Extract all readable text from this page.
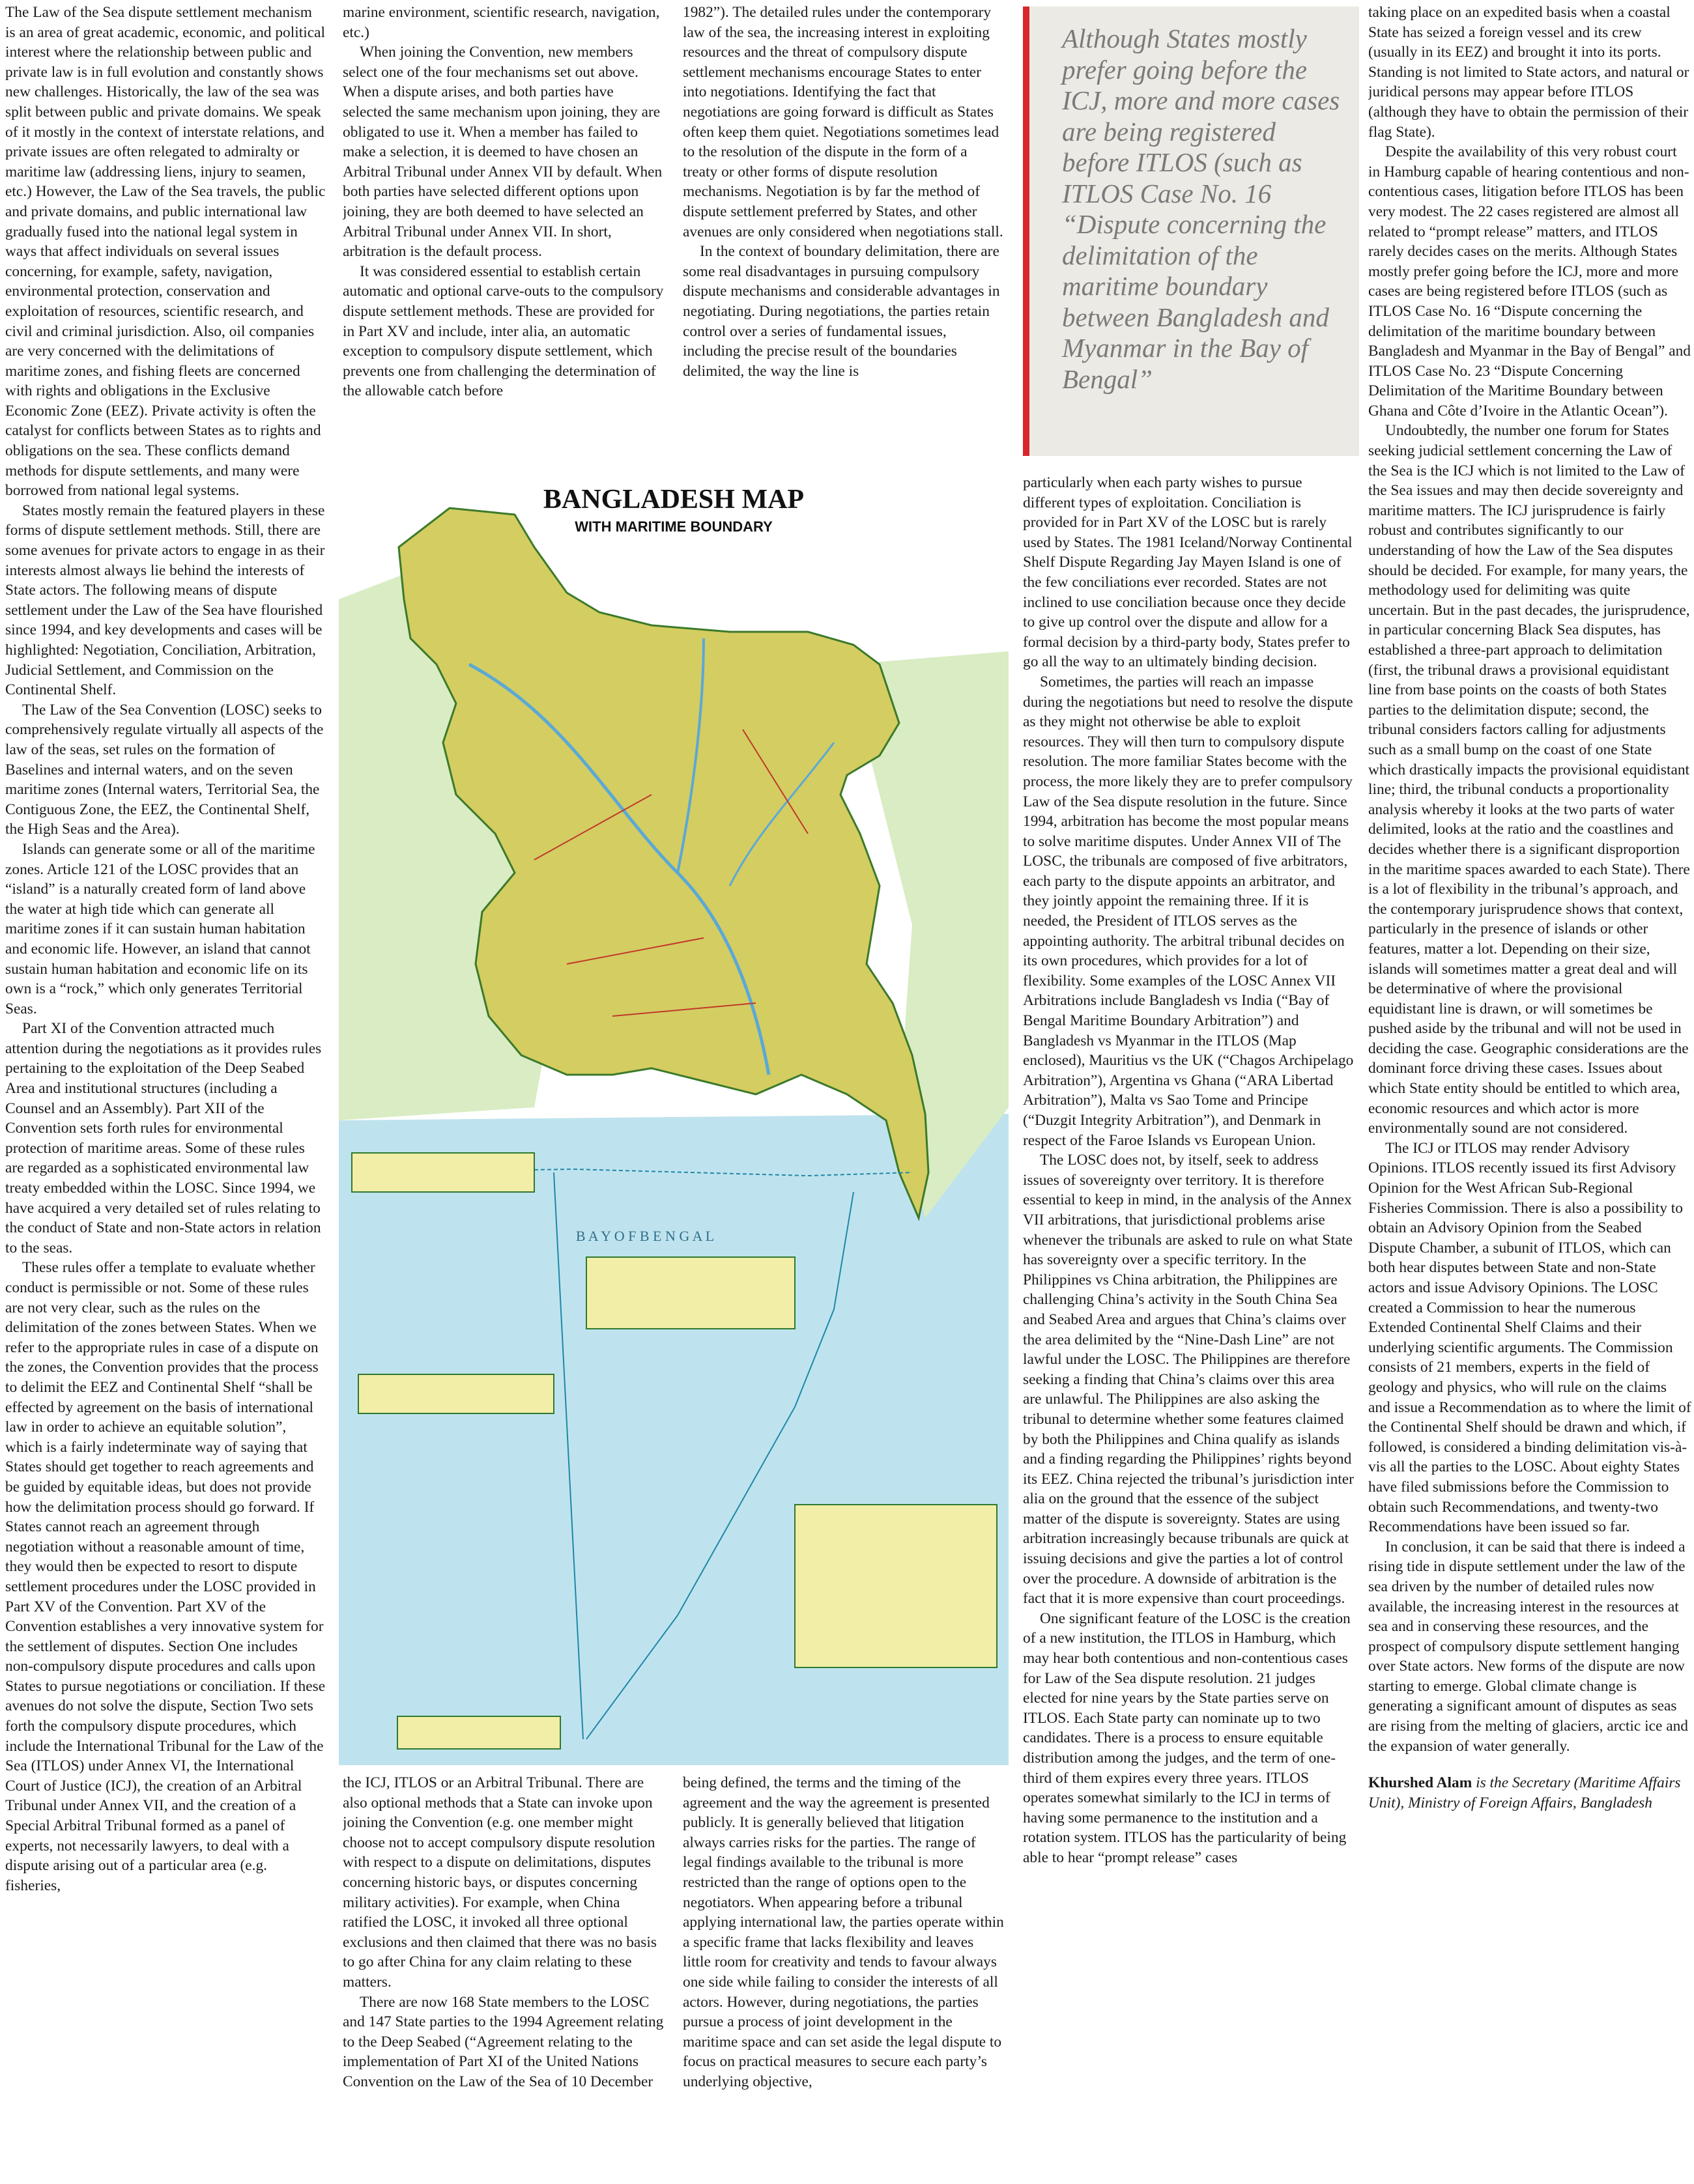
The Law of the Sea dispute settlement mechanism is an area of great academic, economic, and political interest where the relationship between public and private law is in full evolution and constantly shows new challenges. Historically, the law of the sea was split between public and private domains. We speak of it mostly in the context of interstate relations, and private issues are often relegated to admiralty or maritime law (addressing liens, injury to seamen, etc.) However, the Law of the Sea travels, the public and private domains, and public international law gradually fused into the national legal system in ways that affect individuals on several issues concerning, for example, safety, navigation, environmental protection, conservation and exploitation of resources, scientific research, and civil and criminal jurisdiction. Also, oil companies are very concerned with the delimitations of maritime zones, and fishing fleets are concerned with rights and obligations in the Exclusive Economic Zone (EEZ). Private activity is often the catalyst for conflicts between States as to rights and obligations on the sea. These conflicts demand methods for dispute settlements, and many were borrowed from national legal systems.

States mostly remain the featured players in these forms of dispute settlement methods. Still, there are some avenues for private actors to engage in as their interests almost always lie behind the interests of State actors. The following means of dispute settlement under the Law of the Sea have flourished since 1994, and key developments and cases will be highlighted: Negotiation, Conciliation, Arbitration, Judicial Settlement, and Commission on the Continental Shelf.

The Law of the Sea Convention (LOSC) seeks to comprehensively regulate virtually all aspects of the law of the seas, set rules on the formation of Baselines and internal waters, and on the seven maritime zones (Internal waters, Territorial Sea, the Contiguous Zone, the EEZ, the Continental Shelf, the High Seas and the Area).

Islands can generate some or all of the maritime zones. Article 121 of the LOSC provides that an “island” is a naturally created form of land above the water at high tide which can generate all maritime zones if it can sustain human habitation and economic life. However, an island that cannot sustain human habitation and economic life on its own is a “rock,” which only generates Territorial Seas.

Part XI of the Convention attracted much attention during the negotiations as it provides rules pertaining to the exploitation of the Deep Seabed Area and institutional structures (including a Counsel and an Assembly). Part XII of the Convention sets forth rules for environmental protection of maritime areas. Some of these rules are regarded as a sophisticated environmental law treaty embedded within the LOSC. Since 1994, we have acquired a very detailed set of rules relating to the conduct of State and non-State actors in relation to the seas.

These rules offer a template to evaluate whether conduct is permissible or not. Some of these rules are not very clear, such as the rules on the delimitation of the zones between States. When we refer to the appropriate rules in case of a dispute on the zones, the Convention provides that the process to delimit the EEZ and Continental Shelf “shall be effected by agreement on the basis of international law in order to achieve an equitable solution”, which is a fairly indeterminate way of saying that States should get together to reach agreements and be guided by equitable ideas, but does not provide how the delimitation process should go forward. If States cannot reach an agreement through negotiation without a reasonable amount of time, they would then be expected to resort to dispute settlement procedures under the LOSC provided in Part XV of the Convention. Part XV of the Convention establishes a very innovative system for the settlement of disputes. Section One includes non-compulsory dispute procedures and calls upon States to pursue negotiations or conciliation. If these avenues do not solve the dispute, Section Two sets forth the compulsory dispute procedures, which include the International Tribunal for the Law of the Sea (ITLOS) under Annex VI, the International Court of Justice (ICJ), the creation of an Arbitral Tribunal under Annex VII, and the creation of a Special Arbitral Tribunal formed as a panel of experts, not necessarily lawyers, to deal with a dispute arising out of a particular area (e.g. fisheries,

marine environment, scientific research, navigation, etc.)

When joining the Convention, new members select one of the four mechanisms set out above. When a dispute arises, and both parties have selected the same mechanism upon joining, they are obligated to use it. When a member has failed to make a selection, it is deemed to have chosen an Arbitral Tribunal under Annex VII by default. When both parties have selected different options upon joining, they are both deemed to have selected an Arbitral Tribunal under Annex VII. In short, arbitration is the default process.

It was considered essential to establish certain automatic and optional carve-outs to the compulsory dispute settlement methods. These are provided for in Part XV and include, inter alia, an automatic exception to compulsory dispute settlement, which prevents one from challenging the determination of the allowable catch before

1982”). The detailed rules under the contemporary law of the sea, the increasing interest in exploiting resources and the threat of compulsory dispute settlement mechanisms encourage States to enter into negotiations. Identifying the fact that negotiations are going forward is difficult as States often keep them quiet. Negotiations sometimes lead to the resolution of the dispute in the form of a treaty or other forms of dispute resolution mechanisms. Negotiation is by far the method of dispute settlement preferred by States, and other avenues are only considered when negotiations stall.

In the context of boundary delimitation, there are some real disadvantages in pursuing compulsory dispute mechanisms and considerable advantages in negotiating. During negotiations, the parties retain control over a series of fundamental issues, including the precise result of the boundaries delimited, the way the line is

Although States mostly prefer going before the ICJ, more and more cases are being registered before ITLOS (such as ITLOS Case No. 16 “Dispute concerning the delimitation of the maritime boundary between Bangladesh and Myanmar in the Bay of Bengal”

particularly when each party wishes to pursue different types of exploitation. Conciliation is provided for in Part XV of the LOSC but is rarely used by States. The 1981 Iceland/Norway Continental Shelf Dispute Regarding Jay Mayen Island is one of the few conciliations ever recorded. States are not inclined to use conciliation because once they decide to give up control over the dispute and allow for a formal decision by a third-party body, States prefer to go all the way to an ultimately binding decision.

Sometimes, the parties will reach an impasse during the negotiations but need to resolve the dispute as they might not otherwise be able to exploit resources. They will then turn to compulsory dispute resolution. The more familiar States become with the process, the more likely they are to prefer compulsory Law of the Sea dispute resolution in the future. Since 1994, arbitration has become the most popular means to solve maritime disputes. Under Annex VII of The LOSC, the tribunals are composed of five arbitrators, each party to the dispute appoints an arbitrator, and they jointly appoint the remaining three. If it is needed, the President of ITLOS serves as the appointing authority. The arbitral tribunal decides on its own procedures, which provides for a lot of flexibility. Some examples of the LOSC Annex VII Arbitrations include Bangladesh vs India (“Bay of Bengal Maritime Boundary Arbitration”) and Bangladesh vs Myanmar in the ITLOS (Map enclosed), Mauritius vs the UK (“Chagos Archipelago Arbitration”), Argentina vs Ghana (“ARA Libertad Arbitration”), Malta vs Sao Tome and Principe (“Duzgit Integrity Arbitration”), and Denmark in respect of the Faroe Islands vs European Union.

The LOSC does not, by itself, seek to address issues of sovereignty over territory. It is therefore essential to keep in mind, in the analysis of the Annex VII arbitrations, that jurisdictional problems arise whenever the tribunals are asked to rule on what State has sovereignty over a specific territory. In the Philippines vs China arbitration, the Philippines are challenging China’s activity in the South China Sea and Seabed Area and argues that China’s claims over the area delimited by the “Nine-Dash Line” are not lawful under the LOSC. The Philippines are therefore seeking a finding that China’s claims over this area are unlawful. The Philippines are also asking the tribunal to determine whether some features claimed by both the Philippines and China qualify as islands and a finding regarding the Philippines’ rights beyond its EEZ. China rejected the tribunal’s jurisdiction inter alia on the ground that the essence of the subject matter of the dispute is sovereignty. States are using arbitration increasingly because tribunals are quick at issuing decisions and give the parties a lot of control over the procedure. A downside of arbitration is the fact that it is more expensive than court proceedings.

One significant feature of the LOSC is the creation of a new institution, the ITLOS in Hamburg, which may hear both contentious and non-contentious cases for Law of the Sea dispute resolution. 21 judges elected for nine years by the State parties serve on ITLOS. Each State party can nominate up to two candidates. There is a process to ensure equitable distribution among the judges, and the term of one-third of them expires every three years. ITLOS operates somewhat similarly to the ICJ in terms of having some permanence to the institution and a rotation system. ITLOS has the particularity of being able to hear “prompt release” cases

taking place on an expedited basis when a coastal State has seized a foreign vessel and its crew (usually in its EEZ) and brought it into its ports. Standing is not limited to State actors, and natural or juridical persons may appear before ITLOS (although they have to obtain the permission of their flag State).

Despite the availability of this very robust court in Hamburg capable of hearing contentious and non-contentious cases, litigation before ITLOS has been very modest. The 22 cases registered are almost all related to “prompt release” matters, and ITLOS rarely decides cases on the merits. Although States mostly prefer going before the ICJ, more and more cases are being registered before ITLOS (such as ITLOS Case No. 16 “Dispute concerning the delimitation of the maritime boundary between Bangladesh and Myanmar in the Bay of Bengal” and ITLOS Case No. 23 “Dispute Concerning Delimitation of the Maritime Boundary between Ghana and Côte d’Ivoire in the Atlantic Ocean”).

Undoubtedly, the number one forum for States seeking judicial settlement concerning the Law of the Sea is the ICJ which is not limited to the Law of the Sea issues and may then decide sovereignty and maritime matters. The ICJ jurisprudence is fairly robust and contributes significantly to our understanding of how the Law of the Sea disputes should be decided. For example, for many years, the methodology used for delimiting was quite uncertain. But in the past decades, the jurisprudence, in particular concerning Black Sea disputes, has established a three-part approach to delimitation (first, the tribunal draws a provisional equidistant line from base points on the coasts of both States parties to the delimitation dispute; second, the tribunal considers factors calling for adjustments such as a small bump on the coast of one State which drastically impacts the provisional equidistant line; third, the tribunal conducts a proportionality analysis whereby it looks at the two parts of water delimited, looks at the ratio and the coastlines and decides whether there is a significant disproportion in the maritime spaces awarded to each State). There is a lot of flexibility in the tribunal’s approach, and the contemporary jurisprudence shows that context, particularly in the presence of islands or other features, matter a lot. Depending on their size, islands will sometimes matter a great deal and will be determinative of where the provisional equidistant line is drawn, or will sometimes be pushed aside by the tribunal and will not be used in deciding the case. Geographic considerations are the dominant force driving these cases. Issues about which State entity should be entitled to which area, economic resources and which actor is more environmentally sound are not considered.

The ICJ or ITLOS may render Advisory Opinions. ITLOS recently issued its first Advisory Opinion for the West African Sub-Regional Fisheries Commission. There is also a possibility to obtain an Advisory Opinion from the Seabed Dispute Chamber, a subunit of ITLOS, which can both hear disputes between State and non-State actors and issue Advisory Opinions. The LOSC created a Commission to hear the numerous Extended Continental Shelf Claims and their underlying scientific arguments. The Commission consists of 21 members, experts in the field of geology and physics, who will rule on the claims and issue a Recommendation as to where the limit of the Continental Shelf should be drawn and which, if followed, is considered a binding delimitation vis-à-vis all the parties to the LOSC. About eighty States have filed submissions before the Commission to obtain such Recommendations, and twenty-two Recommendations have been issued so far.

In conclusion, it can be said that there is indeed a rising tide in dispute settlement under the law of the sea driven by the number of detailed rules now available, the increasing interest in the resources at sea and in conserving these resources, and the prospect of compulsory dispute settlement hanging over State actors. New forms of the dispute are now starting to emerge. Global climate change is generating a significant amount of disputes as seas are rising from the melting of glaciers, arctic ice and the expansion of water generally.

Khurshed Alam is the Secretary (Maritime Affairs Unit), Ministry of Foreign Affairs, Bangladesh

BANGLADESH MAP
WITH MARITIME BOUNDARY
B A Y O F B E N G A L

the ICJ, ITLOS or an Arbitral Tribunal. There are also optional methods that a State can invoke upon joining the Convention (e.g. one member might choose not to accept compulsory dispute resolution with respect to a dispute on delimitations, disputes concerning historic bays, or disputes concerning military activities). For example, when China ratified the LOSC, it invoked all three optional exclusions and then claimed that there was no basis to go after China for any claim relating to these matters.

There are now 168 State members to the LOSC and 147 State parties to the 1994 Agreement relating to the Deep Seabed (“Agreement relating to the implementation of Part XI of the United Nations Convention on the Law of the Sea of 10 December

being defined, the terms and the timing of the agreement and the way the agreement is presented publicly. It is generally believed that litigation always carries risks for the parties. The range of legal findings available to the tribunal is more restricted than the range of options open to the negotiators. When appearing before a tribunal applying international law, the parties operate within a specific frame that lacks flexibility and leaves little room for creativity and tends to favour always one side while failing to consider the interests of all actors. However, during negotiations, the parties pursue a process of joint development in the maritime space and can set aside the legal dispute to focus on practical measures to secure each party’s underlying objective,
